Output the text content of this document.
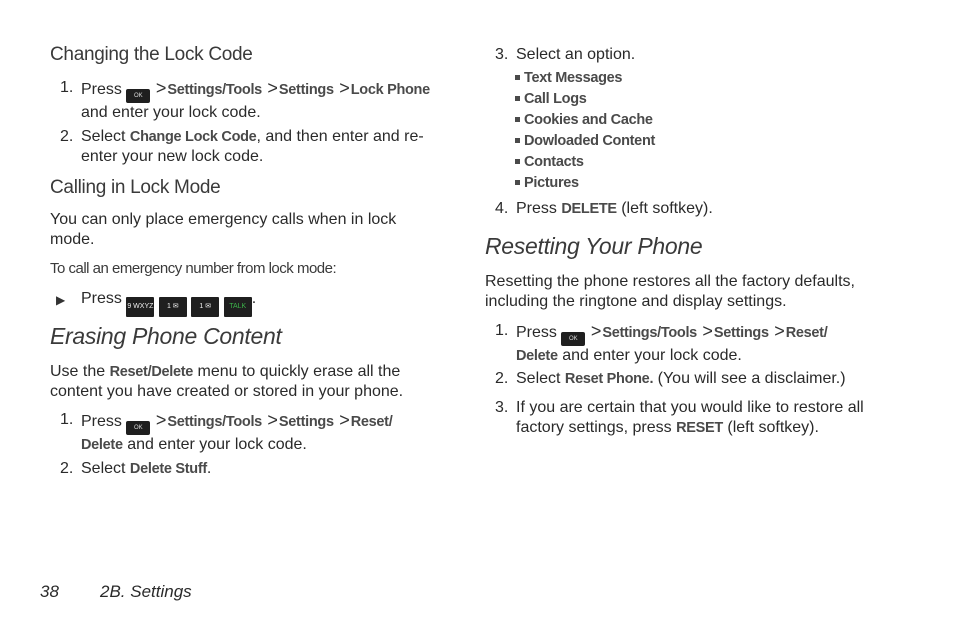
Changing the Lock Code
1. Press OK >Settings/Tools >Settings >Lock Phone
and enter your lock code.
2. Select Change Lock Code, and then enter and re-
enter your new lock code.
Calling in Lock Mode
You can only place emergency calls when in lock
mode.
To call an emergency number from lock mode:
▶ Press 9 WXYZ 1 ✉	1 ✉	TALK .
Erasing Phone Content
Use the Reset/Delete menu to quickly erase all the
content you have created or stored in your phone.
1. Press OK >Settings/Tools >Settings >Reset/
Delete and enter your lock code.
2. Select Delete Stuff.
3. Select an option.
Text Messages
Call Logs
Cookies and Cache
Dowloaded Content
Contacts
Pictures
4. Press DELETE (left softkey).
Resetting Your Phone
Resetting the phone restores all the factory defaults,
including the ringtone and display settings.
1. Press OK >Settings/Tools >Settings >Reset/
Delete and enter your lock code.
2. Select Reset Phone. (You will see a disclaimer.)
3. If you are certain that you would like to restore all
factory settings, press RESET (left softkey).
38 2B. Settings
